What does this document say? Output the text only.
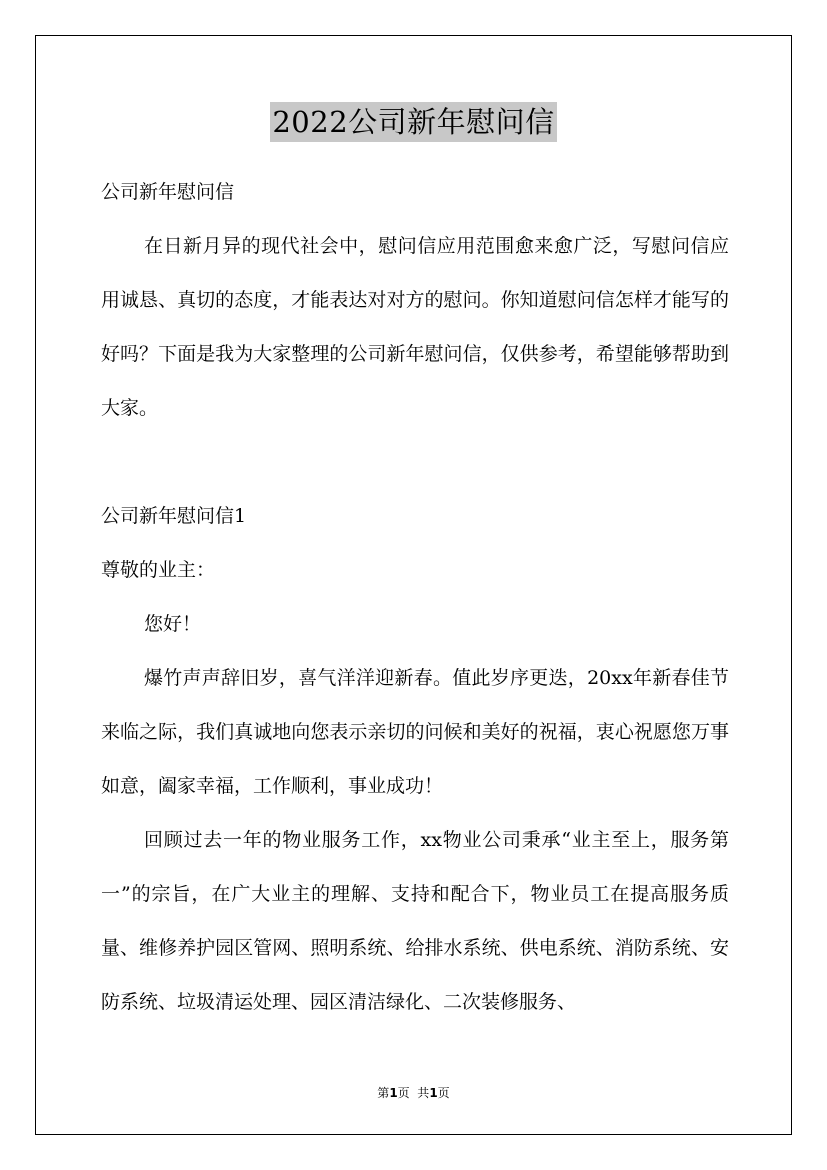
2022公司新年慰问信

公司新年慰问信

在日新月异的现代社会中，慰问信应用范围愈来愈广泛，写慰问信应用诚恳、真切的态度，才能表达对对方的慰问。你知道慰问信怎样才能写的好吗？下面是我为大家整理的公司新年慰问信，仅供参考，希望能够帮助到大家。

公司新年慰问信1

尊敬的业主：

您好！

爆竹声声辞旧岁，喜气洋洋迎新春。值此岁序更迭，20xx年新春佳节来临之际，我们真诚地向您表示亲切的问候和美好的祝福，衷心祝愿您万事如意，阖家幸福，工作顺利，事业成功！

回顾过去一年的物业服务工作，xx物业公司秉承“业主至上，服务第一”的宗旨，在广大业主的理解、支持和配合下，物业员工在提高服务质量、维修养护园区管网、照明系统、给排水系统、供电系统、消防系统、安防系统、垃圾清运处理、园区清洁绿化、二次装修服务、

第1页  共1页
